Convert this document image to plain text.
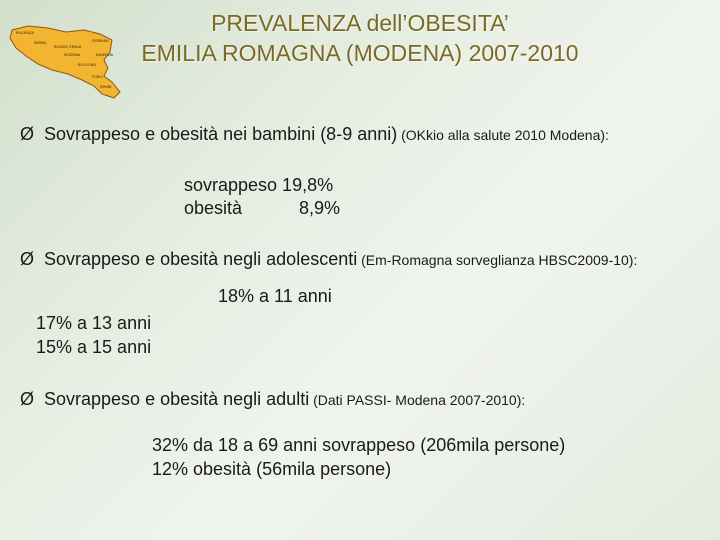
PIACENZA
PARMA
REGGIO EMILIA
MODENA
BOLOGNA
FERRARA
RAVENNA
FORLI'
RIMINI
PREVALENZA dell’OBESITA’
EMILIA ROMAGNA (MODENA) 2007-2010
Ø Sovrappeso e obesità nei bambini (8-9 anni) (OKkio alla salute 2010 Modena):
sovrappeso 19,8%
obesità	8,9%
Ø Sovrappeso e obesità negli adolescenti (Em-Romagna sorveglianza HBSC2009-10):
18% a 11 anni
17% a 13 anni
15% a 15 anni
Ø Sovrappeso e obesità negli adulti (Dati PASSI- Modena 2007-2010):
32% da 18 a 69 anni sovrappeso (206mila persone)
12% obesità (56mila persone)
